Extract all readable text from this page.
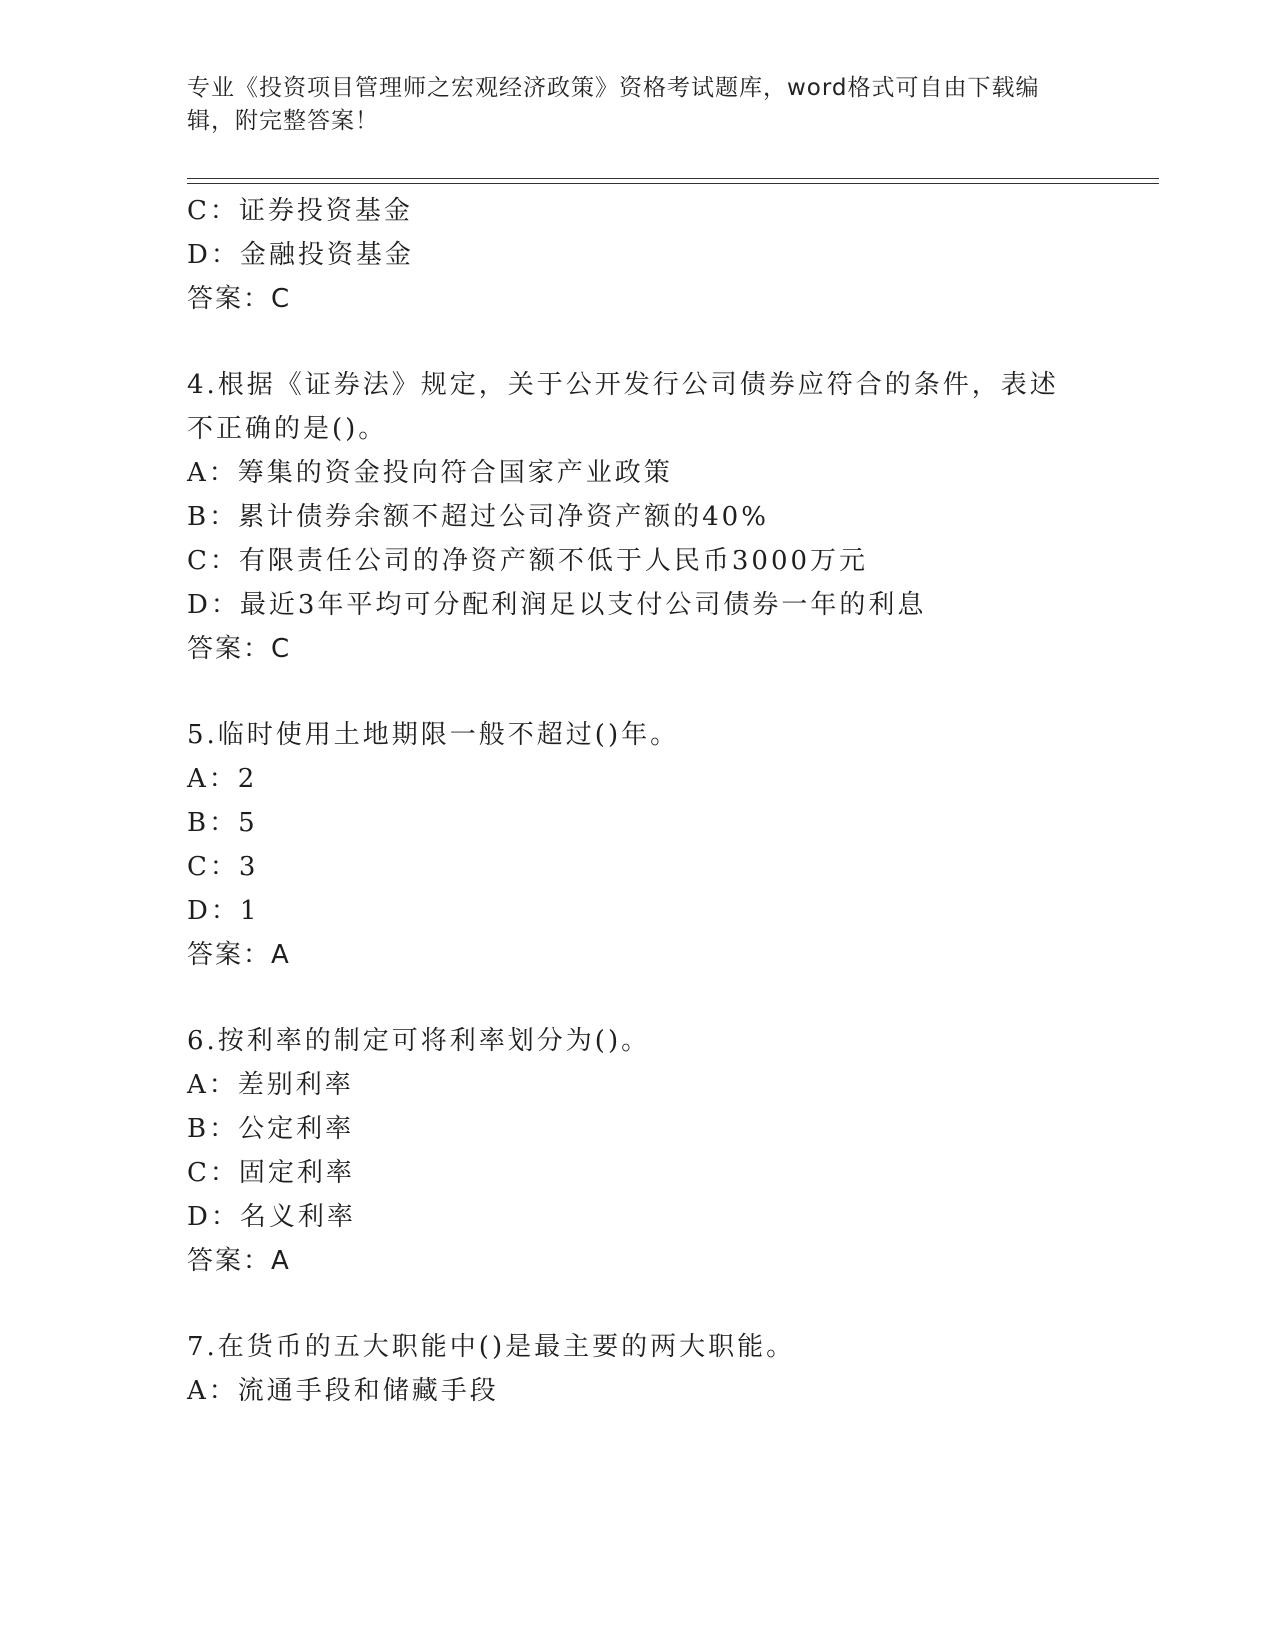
专业《投资项目管理师之宏观经济政策》资格考试题库，word格式可自由下载编
辑，附完整答案！
C：证券投资基金
D：金融投资基金
答案：C
4.根据《证券法》规定，关于公开发行公司债券应符合的条件，表述
不正确的是()。
A：筹集的资金投向符合国家产业政策
B：累计债券余额不超过公司净资产额的40%
C：有限责任公司的净资产额不低于人民币3000万元
D：最近3年平均可分配利润足以支付公司债券一年的利息
答案：C
5.临时使用土地期限一般不超过()年。
A：2
B：5
C：3
D：1
答案：A
6.按利率的制定可将利率划分为()。
A：差别利率
B：公定利率
C：固定利率
D：名义利率
答案：A
7.在货币的五大职能中()是最主要的两大职能。
A：流通手段和储藏手段
